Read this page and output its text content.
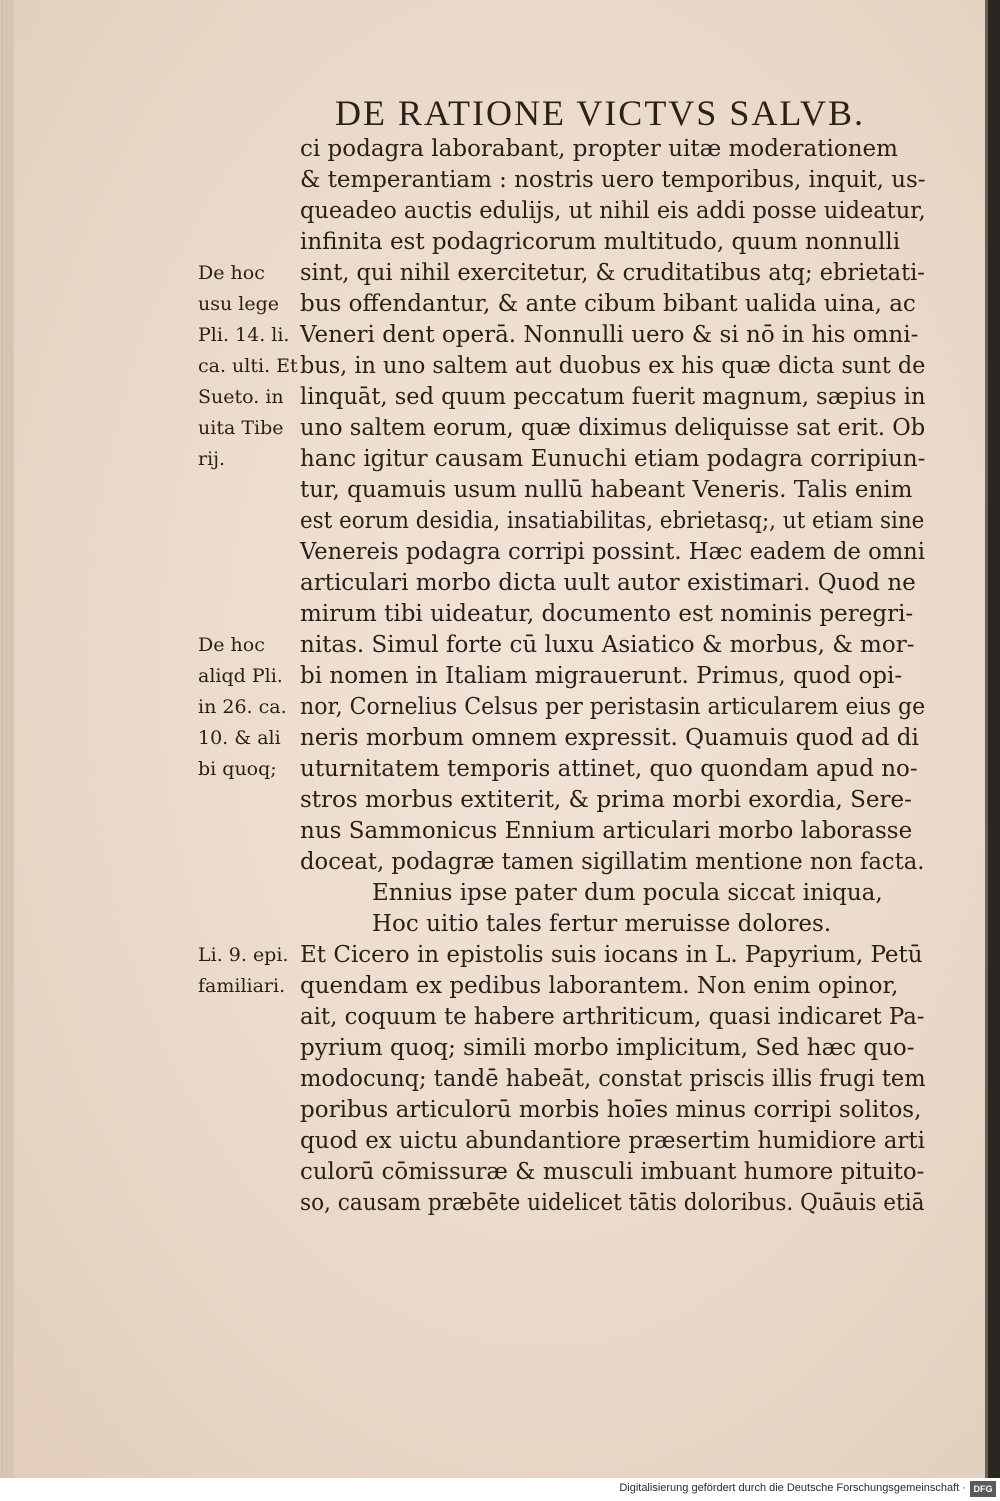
DE RATIONE VICTVS SALVB.
ci podagra laborabant, propter uitæ moderationem
& temperantiam : nostris uero temporibus, inquit, us-
queadeo auctis edulijs, ut nihil eis addi posse uideatur,
infinita est podagricorum multitudo, quum nonnulli
sint, qui nihil exercitetur, & cruditatibus atq; ebrietati-
bus offendantur, & ante cibum bibant ualida uina, ac
Veneri dent operā. Nonnulli uero & si nō in his omni-
bus, in uno saltem aut duobus ex his quæ dicta sunt de
linquāt, sed quum peccatum fuerit magnum, sæpius in
uno saltem eorum, quæ diximus deliquisse sat erit. Ob
hanc igitur causam Eunuchi etiam podagra corripiun-
tur, quamuis usum nullū habeant Veneris. Talis enim
est eorum desidia, insatiabilitas, ebrietasq;, ut etiam sine
Venereis podagra corripi possint. Hæc eadem de omni
articulari morbo dicta uult autor existimari. Quod ne
mirum tibi uideatur, documento est nominis peregri-
nitas. Simul forte cū luxu Asiatico & morbus, & mor-
bi nomen in Italiam migrauerunt. Primus, quod opi-
nor, Cornelius Celsus per peristasin articularem eius ge
neris morbum omnem expressit. Quamuis quod ad di
uturnitatem temporis attinet, quo quondam apud no-
stros morbus extiterit, & prima morbi exordia, Sere-
nus Sammonicus Ennium articulari morbo laborasse
doceat, podagræ tamen sigillatim mentione non facta.
Ennius ipse pater dum pocula siccat iniqua,
Hoc uitio tales fertur meruisse dolores.
Et Cicero in epistolis suis iocans in L. Papyrium, Petū
quendam ex pedibus laborantem. Non enim opinor,
ait, coquum te habere arthriticum, quasi indicaret Pa-
pyrium quoq; simili morbo implicitum, Sed hæc quo-
modocunq; tandē habeāt, constat priscis illis frugi tem
poribus articulorū morbis hoīes minus corripi solitos,
quod ex uictu abundantiore præsertim humidiore arti
culorū cōmissuræ & musculi imbuant humore pituito-
so, causam præbēte uidelicet tātis doloribus. Quāuis etiā
De hoc
usu lege
Pli. 14. li.
ca. ulti. Et
Sueto. in
uita Tibe
rij.
De hoc
aliqd Pli.
in 26. ca.
10. & ali
bi quoq;
Li. 9. epi.
familiari.
Digitalisierung gefördert durch die Deutsche Forschungsgemeinschaft · DFG
